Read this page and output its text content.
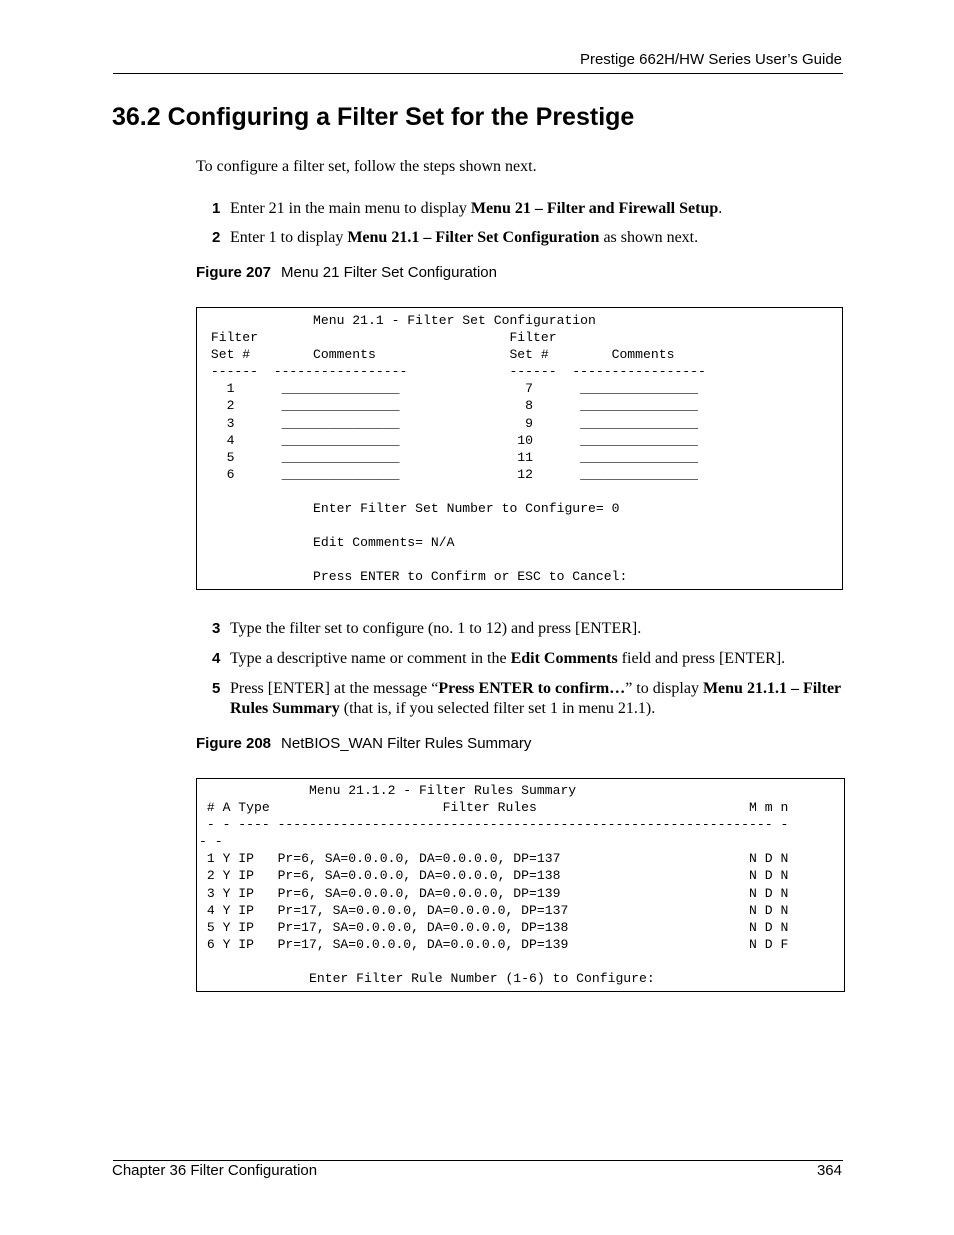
Prestige 662H/HW Series User’s Guide
36.2 Configuring a Filter Set for the Prestige
To configure a filter set, follow the steps shown next.
1 Enter 21 in the main menu to display Menu 21 – Filter and Firewall Setup.
2 Enter 1 to display Menu 21.1 – Filter Set Configuration as shown next.
Figure 207 Menu 21 Filter Set Configuration
Menu 21.1 - Filter Set Configuration
Filter                                Filter
Set #        Comments                 Set #        Comments
------  -----------------             ------  -----------------
1      _______________                7      _______________
2      _______________                8      _______________
3      _______________                9      _______________
4      _______________               10      _______________
5      _______________               11      _______________
6      _______________               12      _______________

Enter Filter Set Number to Configure= 0

Edit Comments= N/A

Press ENTER to Confirm or ESC to Cancel:
3 Type the filter set to configure (no. 1 to 12) and press [ENTER].
4 Type a descriptive name or comment in the Edit Comments field and press [ENTER].
5 Press [ENTER] at the message “Press ENTER to confirm…” to display Menu 21.1.1 – Filter Rules Summary (that is, if you selected filter set 1 in menu 21.1).
Figure 208 NetBIOS_WAN Filter Rules Summary
Menu 21.1.2 - Filter Rules Summary
# A Type                      Filter Rules                           M m n
- - ---- --------------------------------------------------------------- -
- -
1 Y IP   Pr=6, SA=0.0.0.0, DA=0.0.0.0, DP=137                        N D N
2 Y IP   Pr=6, SA=0.0.0.0, DA=0.0.0.0, DP=138                        N D N
3 Y IP   Pr=6, SA=0.0.0.0, DA=0.0.0.0, DP=139                        N D N
4 Y IP   Pr=17, SA=0.0.0.0, DA=0.0.0.0, DP=137                       N D N
5 Y IP   Pr=17, SA=0.0.0.0, DA=0.0.0.0, DP=138                       N D N
6 Y IP   Pr=17, SA=0.0.0.0, DA=0.0.0.0, DP=139                       N D F

Enter Filter Rule Number (1-6) to Configure:
Chapter 36 Filter Configuration	364
